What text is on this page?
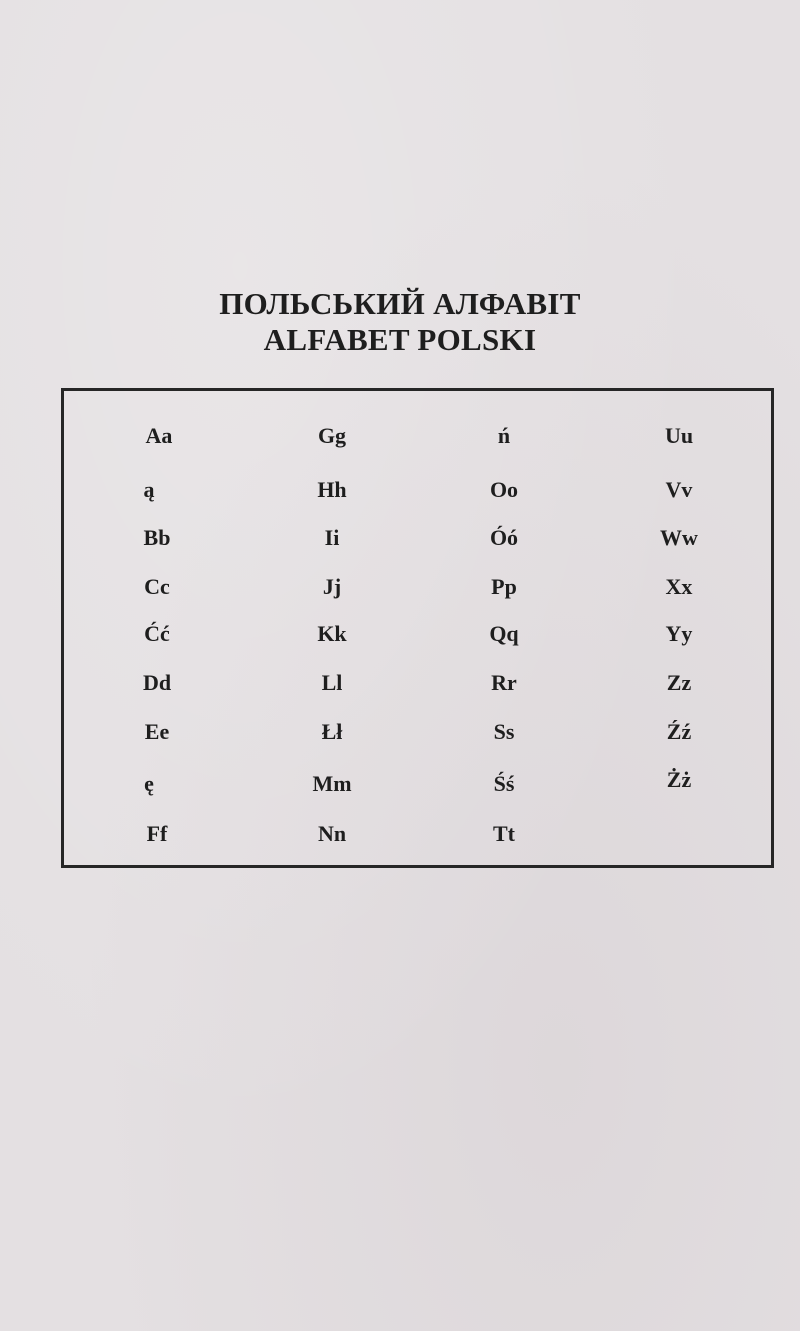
ПОЛЬСЬКИЙ АЛФАВІТ
ALFABET POLSKI
Aa
ą
Bb
Cc
Ćć
Dd
Ee
ę
Ff
Gg
Hh
Ii
Jj
Kk
Ll
Łł
Mm
Nn
ń
Oo
Óó
Pp
Qq
Rr
Ss
Śś
Tt
Uu
Vv
Ww
Xx
Yy
Zz
Źź
Żż
